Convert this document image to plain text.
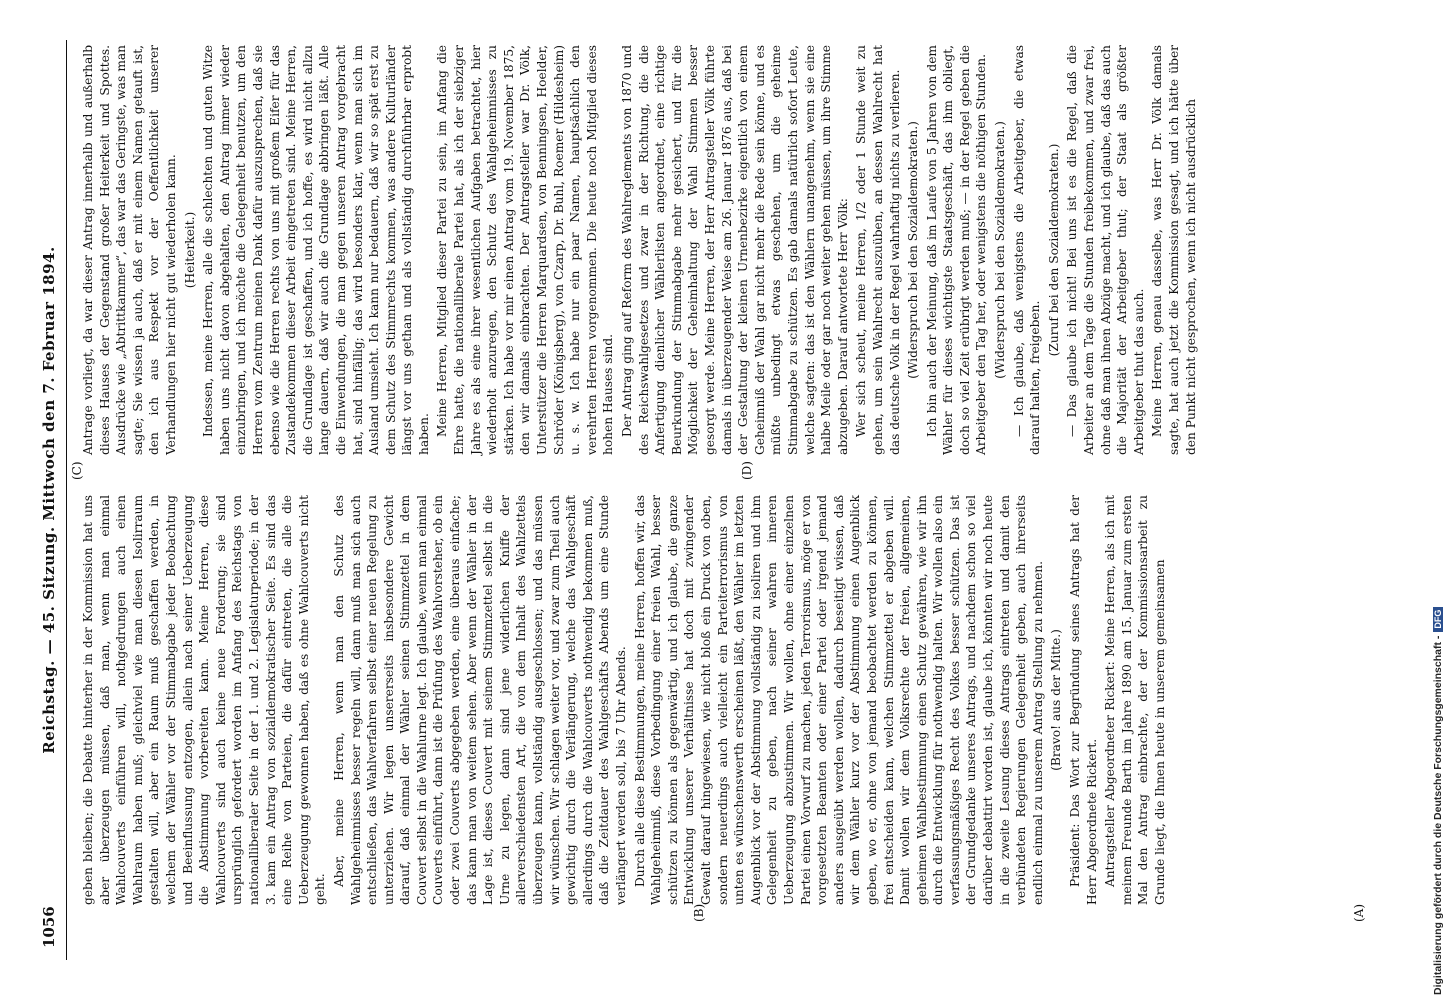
1056
Reichstag. — 45. Sitzung. Mittwoch den 7. Februar 1894.
(A)
(B)
(C)	(D)

geben bleiben; die Debatte hinterher in der Kommission hat uns aber überzeugen müssen, daß man, wenn man einmal Wahlcouverts einführen will, nothgedrungen auch einen Wahlraum haben muß; gleichviel wie man diesen Isolirraum gestalten will, aber ein Raum muß geschaffen werden, in welchem der Wähler vor der Stimmabgabe jeder Beobachtung und Beeinflussung entzogen, allein nach seiner Ueberzeugung die Abstimmung vorbereiten kann. Meine Herren, diese Wahlcouverts sind auch keine neue Forderung; sie sind ursprünglich gefordert worden im Anfang des Reichstags von nationalliberaler Seite in der 1. und 2. Legislaturperiode; in der 3. kam ein Antrag von sozialdemokratischer Seite. Es sind das eine Reihe von Parteien, die dafür eintreten, die alle die Ueberzeugung gewonnen haben, daß es ohne Wahlcouverts nicht geht.

Aber, meine Herren, wenn man den Schutz des Wahlgeheimnisses besser regeln will, dann muß man sich auch entschließen, das Wahlverfahren selbst einer neuen Regelung zu unterziehen. Wir legen unsererseits insbesondere Gewicht darauf, daß einmal der Wähler seinen Stimmzettel in dem Couvert selbst in die Wahlurne legt. Ich glaube, wenn man einmal Couverts einführt, dann ist die Prüfung des Wahlvorsteher, ob ein oder zwei Couverts abgegeben werden, eine überaus einfache; das kann man von weitem sehen. Aber wenn der Wähler in der Lage ist, dieses Couvert mit seinem Stimmzettel selbst in die Urne zu legen, dann sind jene widerlichen Kniffe der allerverschiedensten Art, die von dem Inhalt des Wahlzettels überzeugen kann, vollständig ausgeschlossen; und das müssen wir wünschen. Wir schlagen weiter vor, und zwar zum Theil auch gewichtig durch die Verlängerung, welche das Wahlgeschäft allerdings durch die Wahlcouverts nothwendig bekommen muß, daß die Zeitdauer des Wahlgeschäfts Abends um eine Stunde verlängert werden soll, bis 7 Uhr Abends. Durch alle diese Bestimmungen, meine Herren, hoffen wir, das Wahlgeheimniß, diese Vorbedingung einer freien Wahl, besser schützen zu können als gegenwärtig, und ich glaube, die ganze Entwicklung unserer Verhältnisse hat doch mit zwingender Gewalt darauf hingewiesen, wie nicht bloß ein Druck von oben, sondern neuerdings auch vielleicht ein Parteiterrorismus von unten es wünschenswerth erscheinen läßt, den Wähler im letzten Augenblick vor der Abstimmung vollständig zu isoliren und ihm Gelegenheit zu geben, nach seiner wahren inneren Ueberzeugung abzustimmen. Wir wollen, ohne einer einzelnen Partei einen Vorwurf zu machen, jeden Terrorismus, möge er von vorgesetzten Beamten oder einer Partei oder irgend jemand anders ausgeübt werden wollen, dadurch beseitigt wissen, daß wir dem Wähler kurz vor der Abstimmung einen Augenblick geben, wo er, ohne von jemand beobachtet werden zu können, frei entscheiden kann, welchen Stimmzettel er abgeben will. Damit wollen wir dem Volksrechte der freien, allgemeinen, geheimen Wahlbestimmung einen Schutz gewähren, wie wir ihn durch die Entwicklung für nothwendig halten. Wir wollen also ein verfassungsmäßiges Recht des Volkes besser schützen. Das ist der Grundgedanke unseres Antrags, und nachdem schon so viel darüber debattirt worden ist, glaube ich, könnten wir noch heute in die zweite Lesung dieses Antrags eintreten und damit den verbündeten Regierungen Gelegenheit geben, auch ihrerseits endlich einmal zu unserem Antrag Stellung zu nehmen. (Bravo! aus der Mitte.) Präsident: Das Wort zur Begründung seines Antrags hat der Herr Abgeordnete Rickert. Antragsteller Abgeordneter Rickert: Meine Herren, als ich mit meinem Freunde Barth im Jahre 1890 am 15. Januar zum ersten Mal den Antrag einbrachte, der der Kommissionsarbeit zu Grunde liegt, die Ihnen heute in unserem gemeinsamen

Antrage vorliegt, da war dieser Antrag innerhalb und außerhalb dieses Hauses der Gegenstand großer Heiterkeit und Spottes. Ausdrücke wie „Abtrittkammer“, das war das Geringste, was man sagte; Sie wissen ja auch, daß er mit einem Namen getauft ist, den ich aus Respekt vor der Oeffentlichkeit unserer Verhandlungen hier nicht gut wiederholen kann. (Heiterkeit.) Indessen, meine Herren, alle die schlechten und guten Witze haben uns nicht davon abgehalten, den Antrag immer wieder einzubringen, und ich möchte die Gelegenheit benutzen, um den Herren vom Zentrum meinen Dank dafür auszusprechen, daß sie ebenso wie die Herren rechts von uns mit großem Eifer für das Zustandekommen dieser Arbeit eingetreten sind. Meine Herren, die Grundlage ist geschaffen, und ich hoffe, es wird nicht allzu lange dauern, daß wir auch die Grundlage abbringen läßt. Alle die Einwendungen, die man gegen unseren Antrag vorgebracht hat, sind hinfällig; das wird besonders klar, wenn man sich im Ausland umsieht. Ich kann nur bedauern, daß wir so spät erst zu dem Schutz des Stimmrechts kommen, was andere Kulturländer längst vor uns gethan und als vollständig durchführbar erprobt haben. Meine Herren, Mitglied dieser Partei zu sein, im Anfang die Ehre hatte, die nationalliberale Partei hat, als ich der siebziger Jahre es als eine ihrer wesentlichen Aufgaben betrachtet, hier wiederholt anzuregen, den Schutz des Wahlgeheimnisses zu stärken. Ich habe vor mir einen Antrag vom 19. November 1875, den wir damals einbrachten. Der Antragsteller war Dr. Völk, Unterstützer die Herren Marquardsen, von Benningsen, Hoelder, Schröder (Königsberg), von Czarp, Dr. Buhl, Roemer (Hildesheim) u. s. w. Ich habe nur ein paar Namen, hauptsächlich den verehrten Herren vorgenommen. Die heute noch Mitglied dieses hohen Hauses sind. Der Antrag ging auf Reform des Wahlreglements von 1870 und des Reichswahlgesetzes und zwar in der Richtung, die die Anfertigung dienlicher Wählerlisten angeordnet, eine richtige Beurkundung der Stimmabgabe mehr gesichert, und für die Möglichkeit der Geheimhaltung der Wahl Stimmen besser gesorgt werde. Meine Herren, der Herr Antragsteller Völk führte damals in überzeugender Weise am 26. Januar 1876 aus, daß bei der Gestaltung der kleinen Urnenbezirke eigentlich von einem Geheimniß der Wahl gar nicht mehr die Rede sein könne, und es müßte unbedingt etwas geschehen, um die geheime Stimmabgabe zu schützen. Es gab damals natürlich sofort Leute, welche sagten: das ist den Wählern unangenehm, wenn sie eine halbe Meile oder gar noch weiter gehen müssen, um ihre Stimme abzugeben. Darauf antwortete Herr Völk: Wer sich scheut, meine Herren, 1/2 oder 1 Stunde weit zu gehen, um sein Wahlrecht auszuüben, an dessen Wahlrecht hat das deutsche Volk in der Regel wahrhaftig nichts zu verlieren. (Widerspruch bei den Sozialdemokraten.) Ich bin auch der Meinung, daß im Laufe von 5 Jahren von dem Wähler für dieses wichtigste Staatsgeschäft, das ihm obliegt, doch so viel Zeit erübrigt werden muß; — in der Regel geben die Arbeitgeber den Tag her, oder wenigstens die nöthigen Stunden. (Widerspruch bei den Sozialdemokraten.) — Ich glaube, daß wenigstens die Arbeitgeber, die etwas darauf halten, freigeben.

(Zuruf bei den Sozialdemokraten.) — Das glaube ich nicht! Bei uns ist es die Regel, daß die Arbeiter an dem Tage die Stunden freibekommen, und zwar frei, ohne daß man ihnen Abzüge macht, und ich glaube, daß das auch die Majorität der Arbeitgeber thut; der Staat als größter Arbeitgeber thut das auch. Meine Herren, genau dasselbe, was Herr Dr. Völk damals sagte, hat auch jetzt die Kommission gesagt, und ich hätte über den Punkt nicht gesprochen, wenn ich nicht ausdrücklich

Digitalisierung gefördert durch die Deutsche Forschungsgemeinschaft -DFG
